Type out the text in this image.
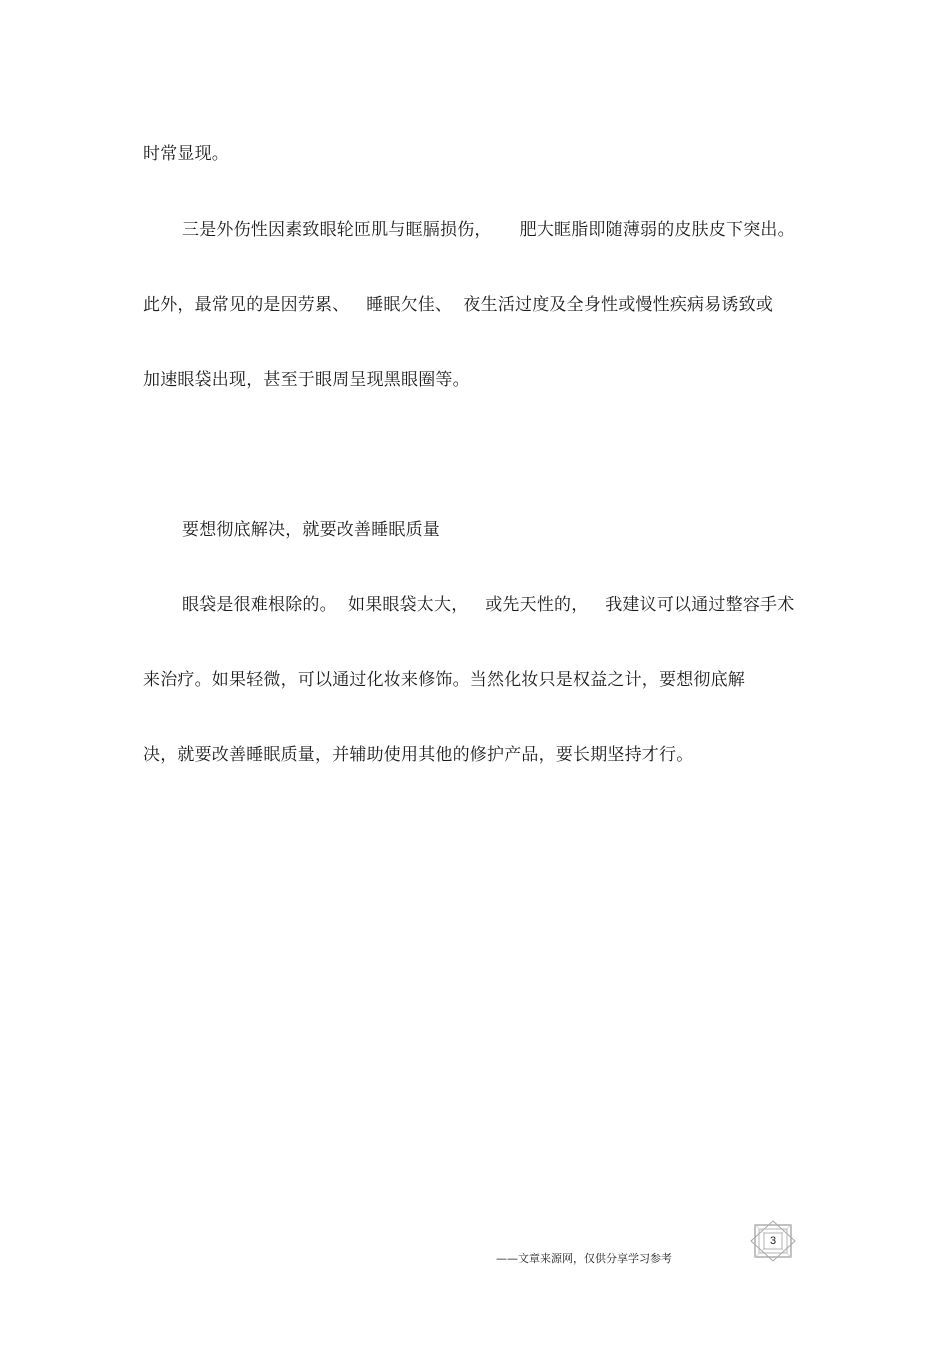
时常显现。

三是外伤性因素致眼轮匝肌与眶膈损伤，     肥大眶脂即随薄弱的皮肤皮下突出。

此外，最常见的是因劳累、   睡眠欠佳、  夜生活过度及全身性或慢性疾病易诱致或

加速眼袋出现，甚至于眼周呈现黑眼圈等。

要想彻底解决，就要改善睡眠质量

眼袋是很难根除的。  如果眼袋太大，   或先天性的，   我建议可以通过整容手术

来治疗。如果轻微，可以通过化妆来修饰。当然化妆只是权益之计，要想彻底解

决，就要改善睡眠质量，并辅助使用其他的修护产品，要长期坚持才行。

——文章来源网，仅供分享学习参考
3
